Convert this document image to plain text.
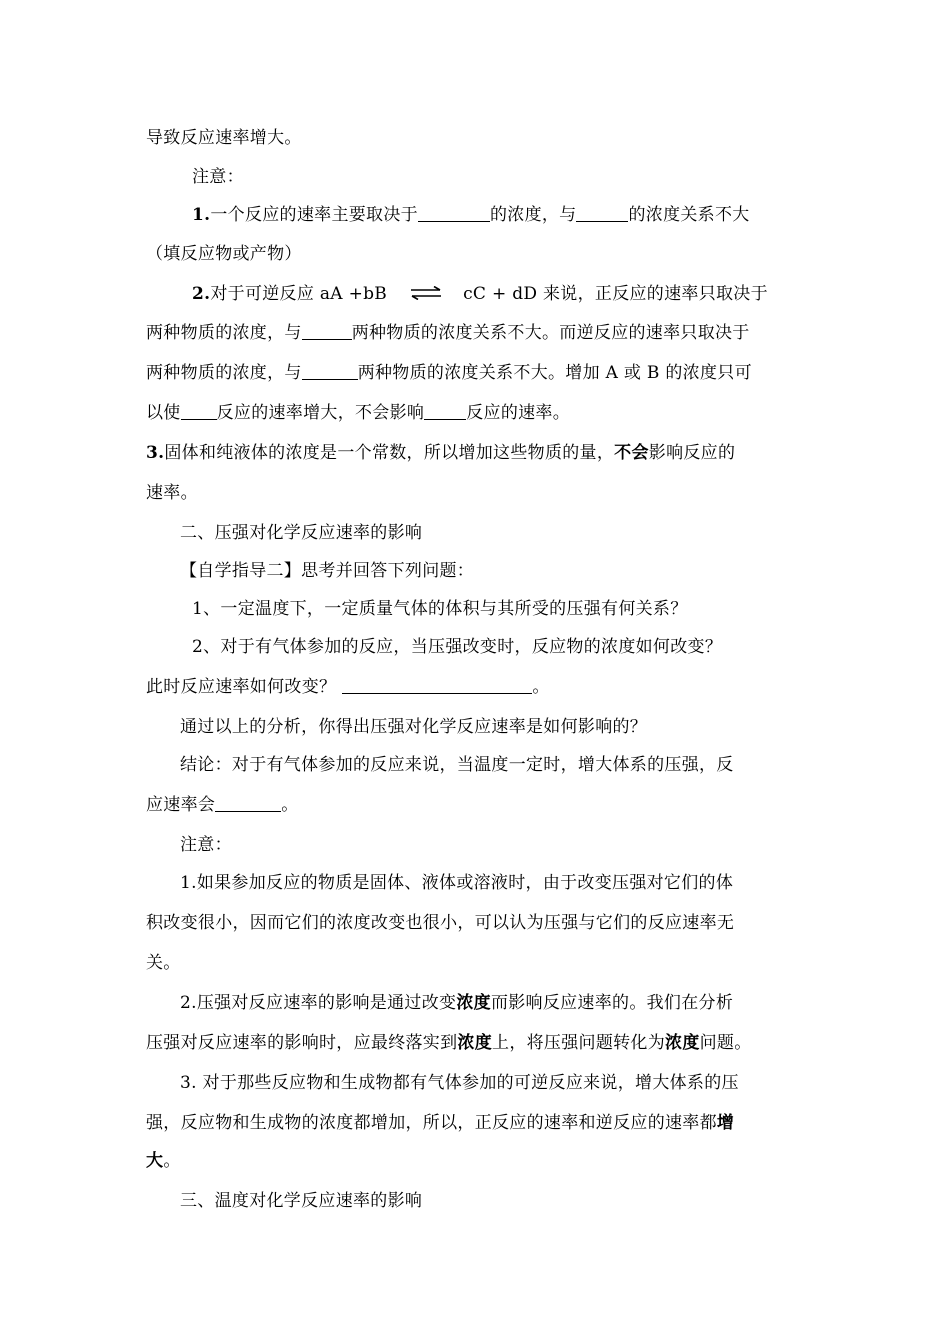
导致反应速率增大。
注意：
1.一个反应的速率主要取决于	的浓度，与	的浓度关系不大
（填反应物或产物）
2.对于可逆反应 aA +bB	cC + dD 来说，正反应的速率只取决于
两种物质的浓度，与	两种物质的浓度关系不大。而逆反应的速率只取决于
两种物质的浓度，与	两种物质的浓度关系不大。增加 A 或 B 的浓度只可
以使 反应的速率增大，不会影响 反应的速率。
3.固体和纯液体的浓度是一个常数，所以增加这些物质的量，不会影响反应的
速率。
二、压强对化学反应速率的影响
【自学指导二】思考并回答下列问题：
1、一定温度下，一定质量气体的体积与其所受的压强有何关系？
2、对于有气体参加的反应，当压强改变时，反应物的浓度如何改变？
此时反应速率如何改变？	。
通过以上的分析，你得出压强对化学反应速率是如何影响的？
结论：对于有气体参加的反应来说，当温度一定时，增大体系的压强，反
应速率会	。
注意：
1.如果参加反应的物质是固体、液体或溶液时，由于改变压强对它们的体
积改变很小，因而它们的浓度改变也很小，可以认为压强与它们的反应速率无
关。
2.压强对反应速率的影响是通过改变浓度而影响反应速率的。我们在分析
压强对反应速率的影响时，应最终落实到浓度上，将压强问题转化为浓度问题。
3. 对于那些反应物和生成物都有气体参加的可逆反应来说，增大体系的压
强，反应物和生成物的浓度都增加，所以，正反应的速率和逆反应的速率都增
大。
三、温度对化学反应速率的影响
